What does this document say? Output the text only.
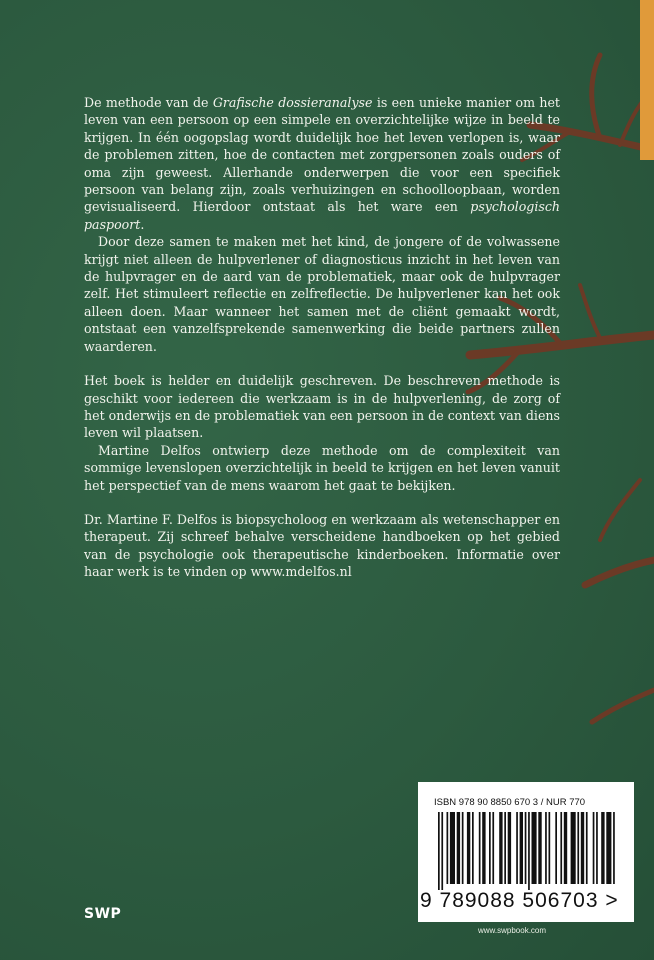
De methode van de Grafische dossieranalyse is een unieke manier om het leven van een persoon op een simpele en overzichtelijke wijze in beeld te krijgen. In één oogopslag wordt duidelijk hoe het leven verlopen is, waar de problemen zitten, hoe de contacten met zorgpersonen zoals ouders of oma zijn geweest. Allerhande onderwerpen die voor een specifiek persoon van belang zijn, zoals verhuizingen en schoolloopbaan, worden gevisualiseerd. Hierdoor ontstaat als het ware een psychologisch paspoort.

Door deze samen te maken met het kind, de jongere of de volwassene krijgt niet alleen de hulpverlener of diagnosticus inzicht in het leven van de hulpvrager en de aard van de problematiek, maar ook de hulpvrager zelf. Het stimuleert reflectie en zelfreflectie. De hulpverlener kan het ook alleen doen. Maar wanneer het samen met de cliënt gemaakt wordt, ontstaat een vanzelfsprekende samenwerking die beide partners zullen waarderen.

Het boek is helder en duidelijk geschreven. De beschreven methode is geschikt voor iedereen die werkzaam is in de hulpverlening, de zorg of het onderwijs en de problematiek van een persoon in de context van diens leven wil plaatsen.

Martine Delfos ontwierp deze methode om de complexiteit van sommige levenslopen overzichtelijk in beeld te krijgen en het leven vanuit het perspectief van de mens waarom het gaat te bekijken.

Dr. Martine F. Delfos is biopsycholoog en werkzaam als wetenschapper en therapeut. Zij schreef behalve verscheidene handboeken op het gebied van de psychologie ook therapeutische kinderboeken. Informatie over haar werk is te vinden op www.mdelfos.nl

SWP
ISBN 978 90 8850 670 3 / NUR 770
9 789088 506703 >
www.swpbook.com
